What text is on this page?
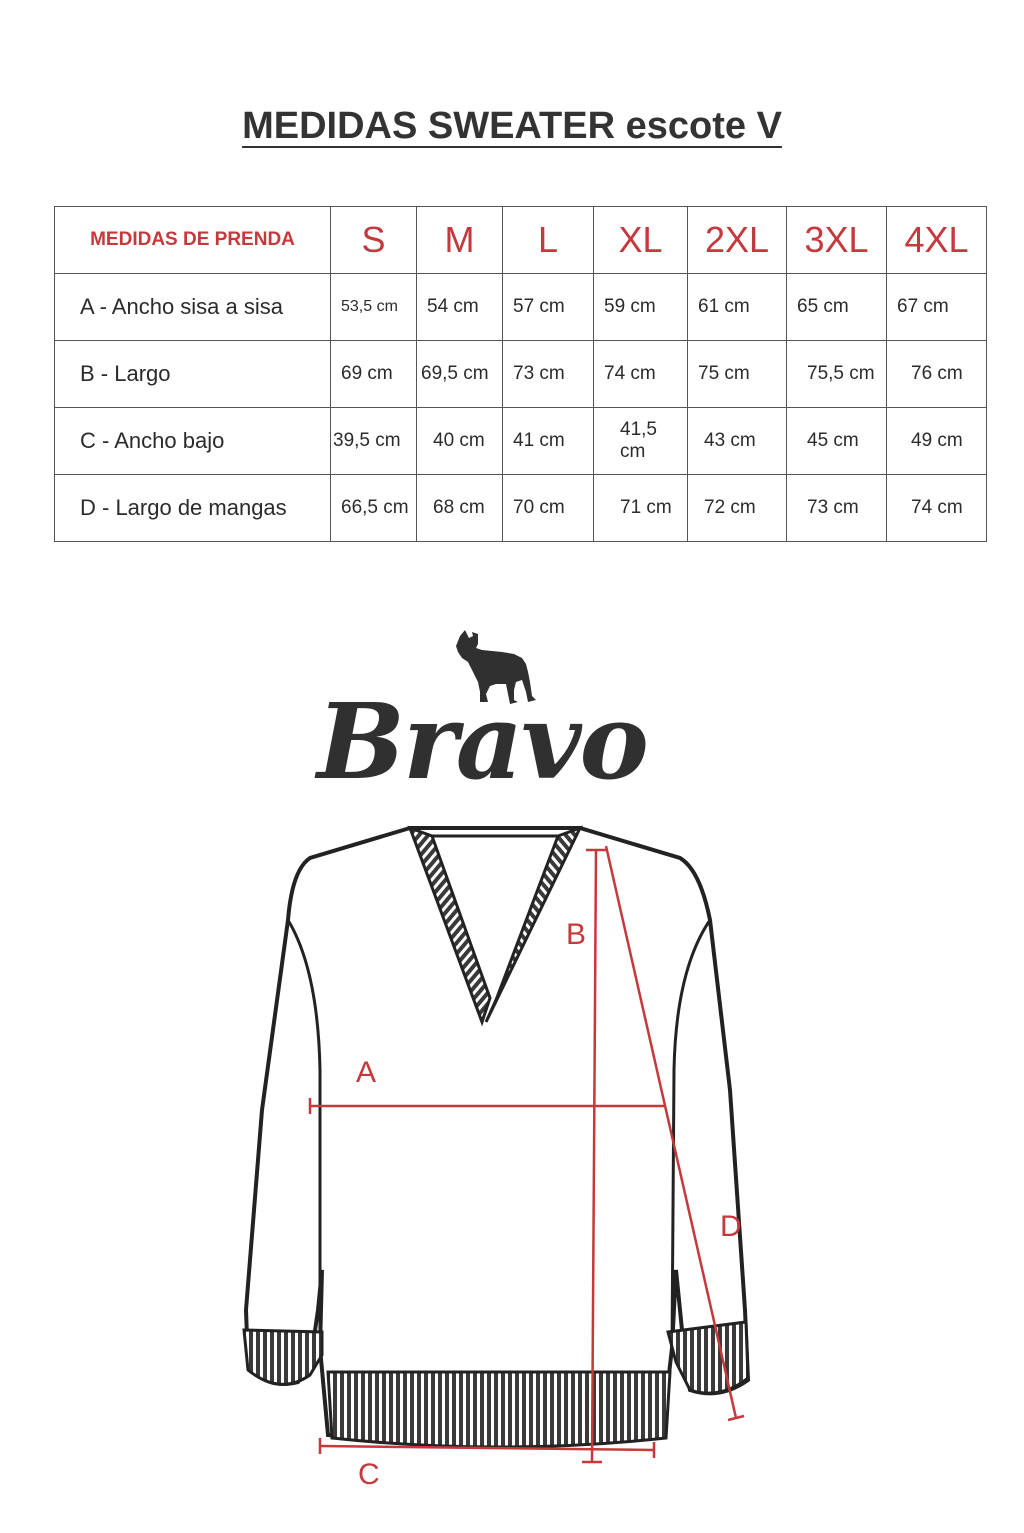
MEDIDAS SWEATER escote V
MEDIDAS DE PRENDA	S	M	L	XL	2XL	3XL	4XL
A - Ancho sisa a sisa	53,5 cm	54 cm	57 cm	59 cm	61 cm	65 cm	67 cm
B - Largo	69 cm	69,5 cm	73 cm	74 cm	75 cm	75,5 cm	76 cm
C - Ancho bajo	39,5 cm	40 cm	41 cm	41,5 cm	43 cm	45 cm	49 cm
D - Largo de mangas	66,5 cm	68 cm	70 cm	71 cm	72 cm	73 cm	74 cm
Bravo
B
A
D
C
